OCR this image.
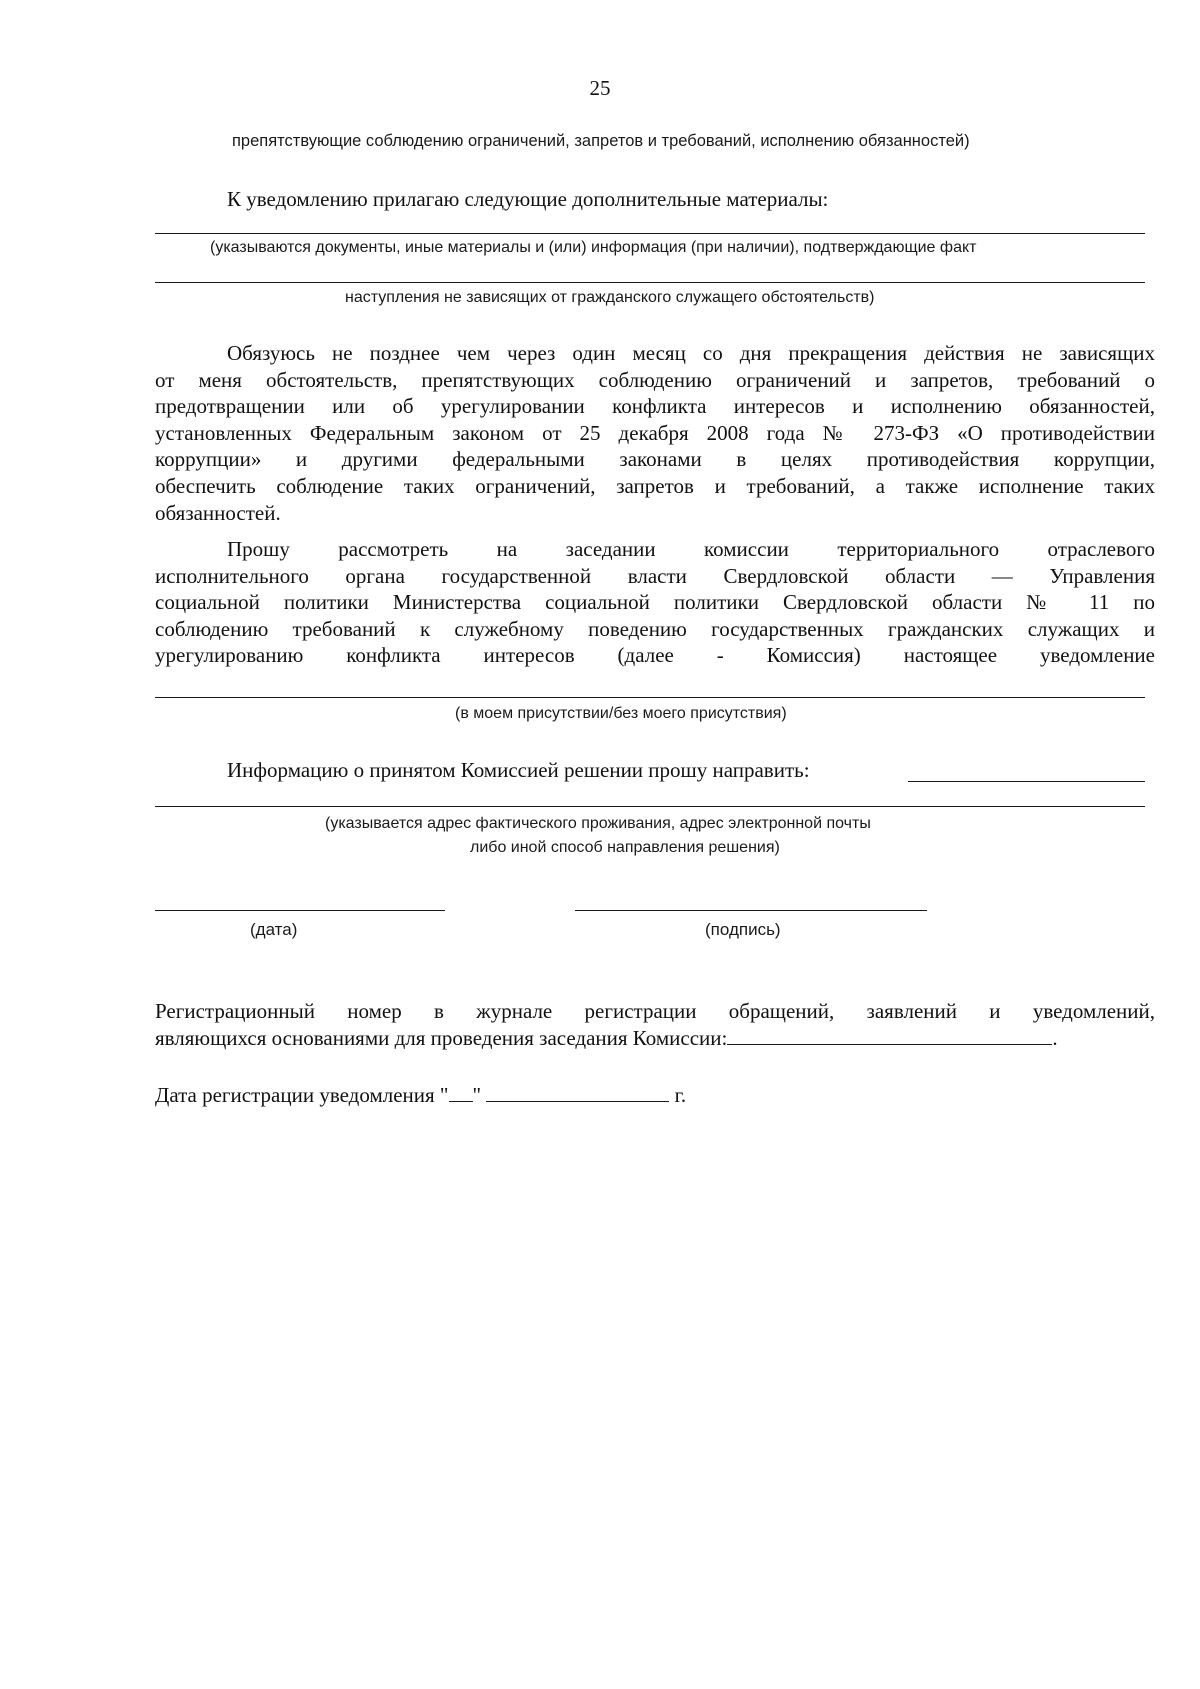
25
препятствующие соблюдению ограничений, запретов и требований, исполнению обязанностей)
К уведомлению прилагаю следующие дополнительные материалы:
(указываются документы, иные материалы и (или) информация (при наличии), подтверждающие факт
наступления не зависящих от гражданского служащего обстоятельств)
Обязуюсь не позднее чем через один месяц со дня прекращения действия не зависящих
от меня обстоятельств, препятствующих соблюдению ограничений и запретов, требований о
предотвращении или об урегулировании конфликта интересов и исполнению обязанностей,
установленных Федеральным законом от 25 декабря 2008 года № 273-ФЗ «О противодействии
коррупции» и другими федеральными законами в целях противодействия коррупции,
обеспечить соблюдение таких ограничений, запретов и требований, а также исполнение таких
обязанностей.
Прошу рассмотреть на заседании комиссии территориального отраслевого
исполнительного органа государственной власти Свердловской области — Управления
социальной политики Министерства социальной политики Свердловской области № 11 по
соблюдению требований к служебному поведению государственных гражданских служащих и
урегулированию конфликта интересов (далее - Комиссия) настоящее уведомление
(в моем присутствии/без моего присутствия)
Информацию о принятом Комиссией решении прошу направить:
(указывается адрес фактического проживания, адрес электронной почты
либо иной способ направления решения)
(дата)	(подпись)
Регистрационный номер в журнале регистрации обращений, заявлений и уведомлений,
являющихся основаниями для проведения заседания Комиссии:	.
Дата регистрации уведомления " "	г.
